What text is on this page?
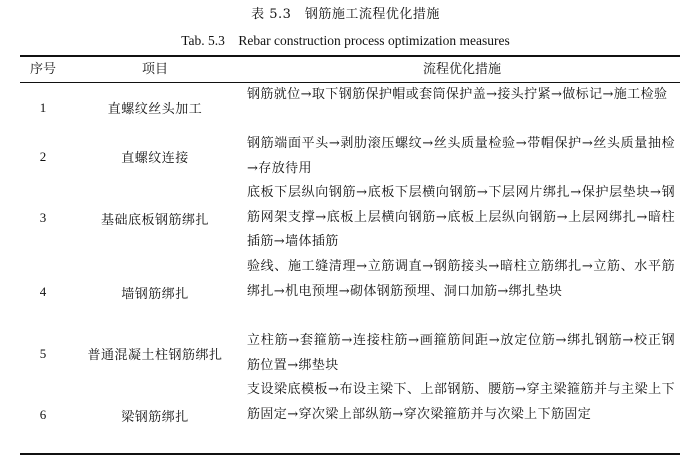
表 5.3　钢筋施工流程优化措施
Tab. 5.3　Rebar construction process optimization measures
序号	项目	流程优化措施
1	直螺纹丝头加工
钢筋就位→取下钢筋保护帽或套筒保护盖→接头拧紧→做标记→施工检验
2	直螺纹连接
钢筋端面平头→剥肋滚压螺纹→丝头质量检验→带帽保护→丝头质量抽检→存放待用
3	基础底板钢筋绑扎
底板下层纵向钢筋→底板下层横向钢筋→下层网片绑扎→保护层垫块→钢筋网架支撑→底板上层横向钢筋→底板上层纵向钢筋→上层网绑扎→暗柱插筋→墙体插筋
4	墙钢筋绑扎
验线、施工缝清理→立筋调直→钢筋接头→暗柱立筋绑扎→立筋、水平筋绑扎→机电预埋→砌体钢筋预埋、洞口加筋→绑扎垫块
5	普通混凝土柱钢筋绑扎
立柱筋→套箍筋→连接柱筋→画箍筋间距→放定位筋→绑扎钢筋→校正钢筋位置→绑垫块
6	梁钢筋绑扎
支设梁底模板→布设主梁下、上部钢筋、腰筋→穿主梁箍筋并与主梁上下筋固定→穿次梁上部纵筋→穿次梁箍筋并与次梁上下筋固定
